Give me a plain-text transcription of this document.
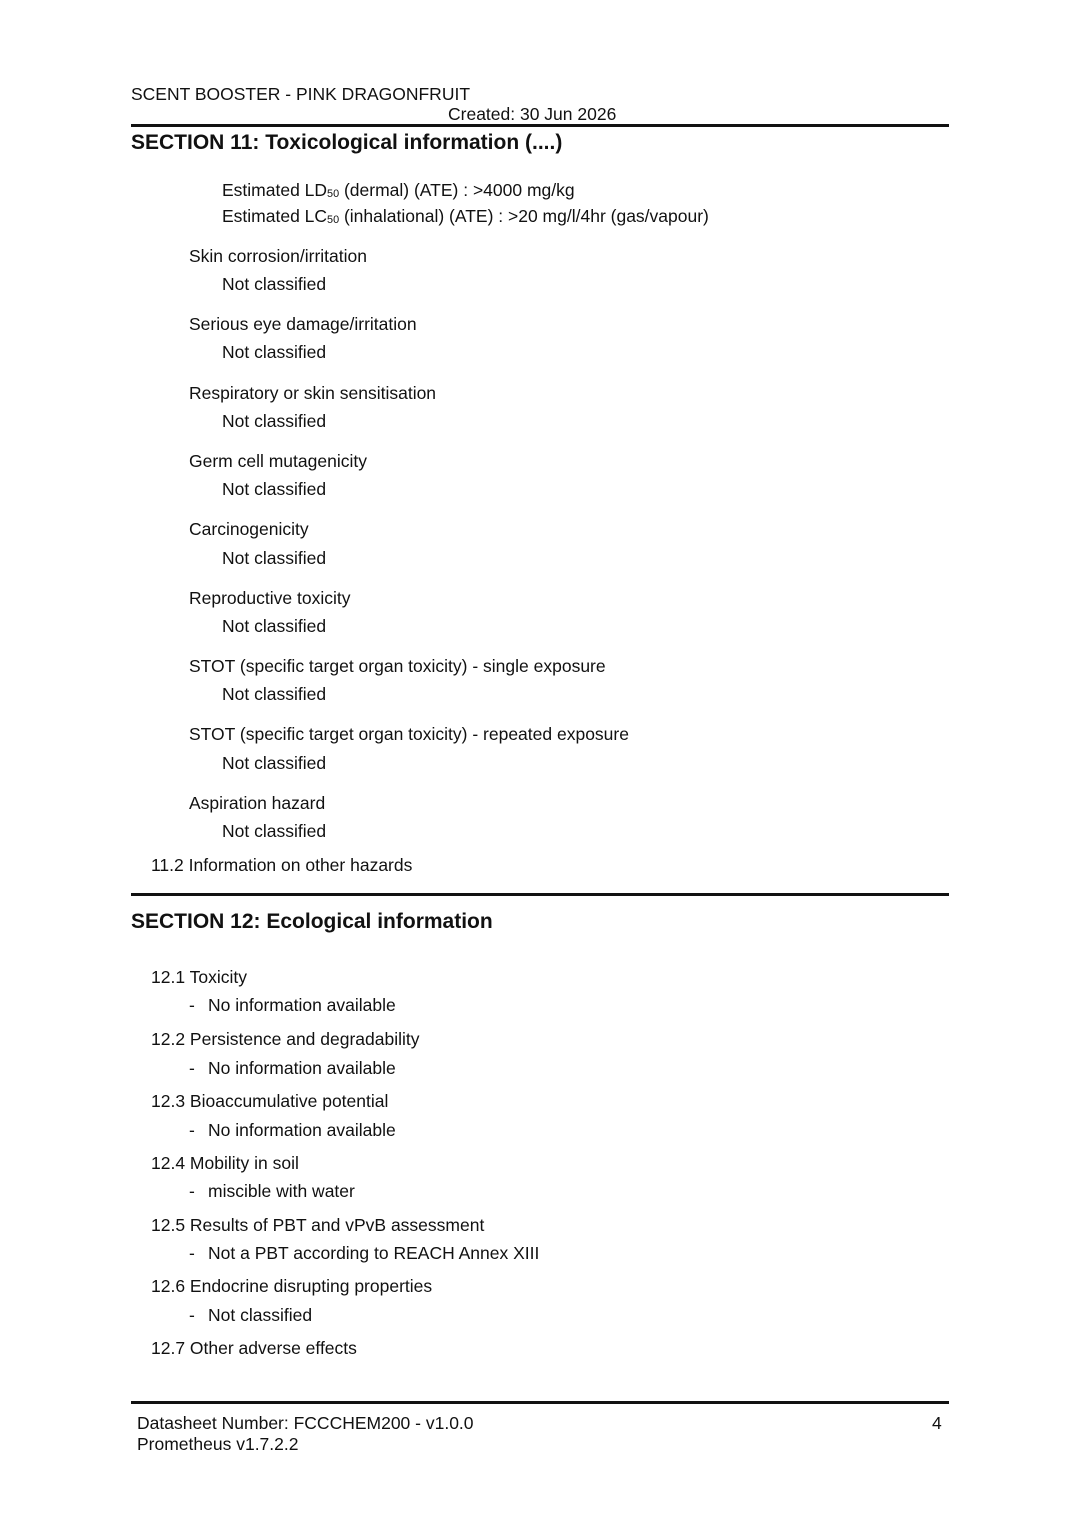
SCENT BOOSTER - PINK DRAGONFRUIT
Created: 30 Jun 2026
SECTION 11: Toxicological information (....)
Estimated LD50 (dermal) (ATE) : >4000 mg/kg
Estimated LC50 (inhalational) (ATE) : >20 mg/l/4hr (gas/vapour)
Skin corrosion/irritation
Not classified
Serious eye damage/irritation
Not classified
Respiratory or skin sensitisation
Not classified
Germ cell mutagenicity
Not classified
Carcinogenicity
Not classified
Reproductive toxicity
Not classified
STOT (specific target organ toxicity) - single exposure
Not classified
STOT (specific target organ toxicity) - repeated exposure
Not classified
Aspiration hazard
Not classified
11.2 Information on other hazards
SECTION 12: Ecological information
12.1 Toxicity
- No information available
12.2 Persistence and degradability
- No information available
12.3 Bioaccumulative potential
- No information available
12.4 Mobility in soil
- miscible with water
12.5 Results of PBT and vPvB assessment
- Not a PBT according to REACH Annex XIII
12.6 Endocrine disrupting properties
- Not classified
12.7 Other adverse effects
Datasheet Number: FCCCHEM200 - v1.0.0
Prometheus v1.7.2.2
4
